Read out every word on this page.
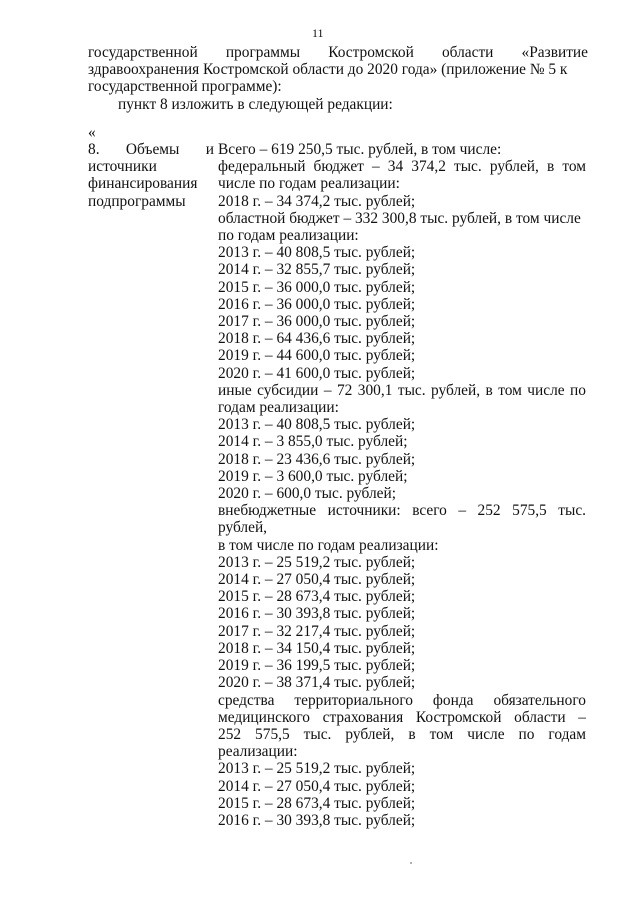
11
государственной программы Костромской области «Развитие
здравоохранения Костромской области до 2020 года» (приложение № 5 к
государственной программе):
пункт 8 изложить в следующей редакции:
«
8. Объемы и
источники
финансирования
подпрограммы
Всего – 619 250,5 тыс. рублей, в том числе:
федеральный бюджет – 34 374,2 тыс. рублей, в том
числе по годам реализации:
2018 г. – 34 374,2 тыс. рублей;
областной бюджет – 332 300,8 тыс. рублей, в том числе
по годам реализации:
2013 г. – 40 808,5 тыс. рублей;
2014 г. – 32 855,7 тыс. рублей;
2015 г. – 36 000,0 тыс. рублей;
2016 г. – 36 000,0 тыс. рублей;
2017 г. – 36 000,0 тыс. рублей;
2018 г. – 64 436,6 тыс. рублей;
2019 г. – 44 600,0 тыс. рублей;
2020 г. – 41 600,0 тыс. рублей;
иные субсидии – 72 300,1 тыс. рублей, в том числе по
годам реализации:
2013 г. – 40 808,5 тыс. рублей;
2014 г. – 3 855,0 тыс. рублей;
2018 г. – 23 436,6 тыс. рублей;
2019 г. – 3 600,0 тыс. рублей;
2020 г. – 600,0 тыс. рублей;
внебюджетные источники: всего – 252 575,5 тыс.
рублей,
в том числе по годам реализации:
2013 г. – 25 519,2 тыс. рублей;
2014 г. – 27 050,4 тыс. рублей;
2015 г. – 28 673,4 тыс. рублей;
2016 г. – 30 393,8 тыс. рублей;
2017 г. – 32 217,4 тыс. рублей;
2018 г. – 34 150,4 тыс. рублей;
2019 г. – 36 199,5 тыс. рублей;
2020 г. – 38 371,4 тыс. рублей;
средства территориального фонда обязательного
медицинского страхования Костромской области –
252 575,5 тыс. рублей, в том числе по годам
реализации:
2013 г. – 25 519,2 тыс. рублей;
2014 г. – 27 050,4 тыс. рублей;
2015 г. – 28 673,4 тыс. рублей;
2016 г. – 30 393,8 тыс. рублей;
